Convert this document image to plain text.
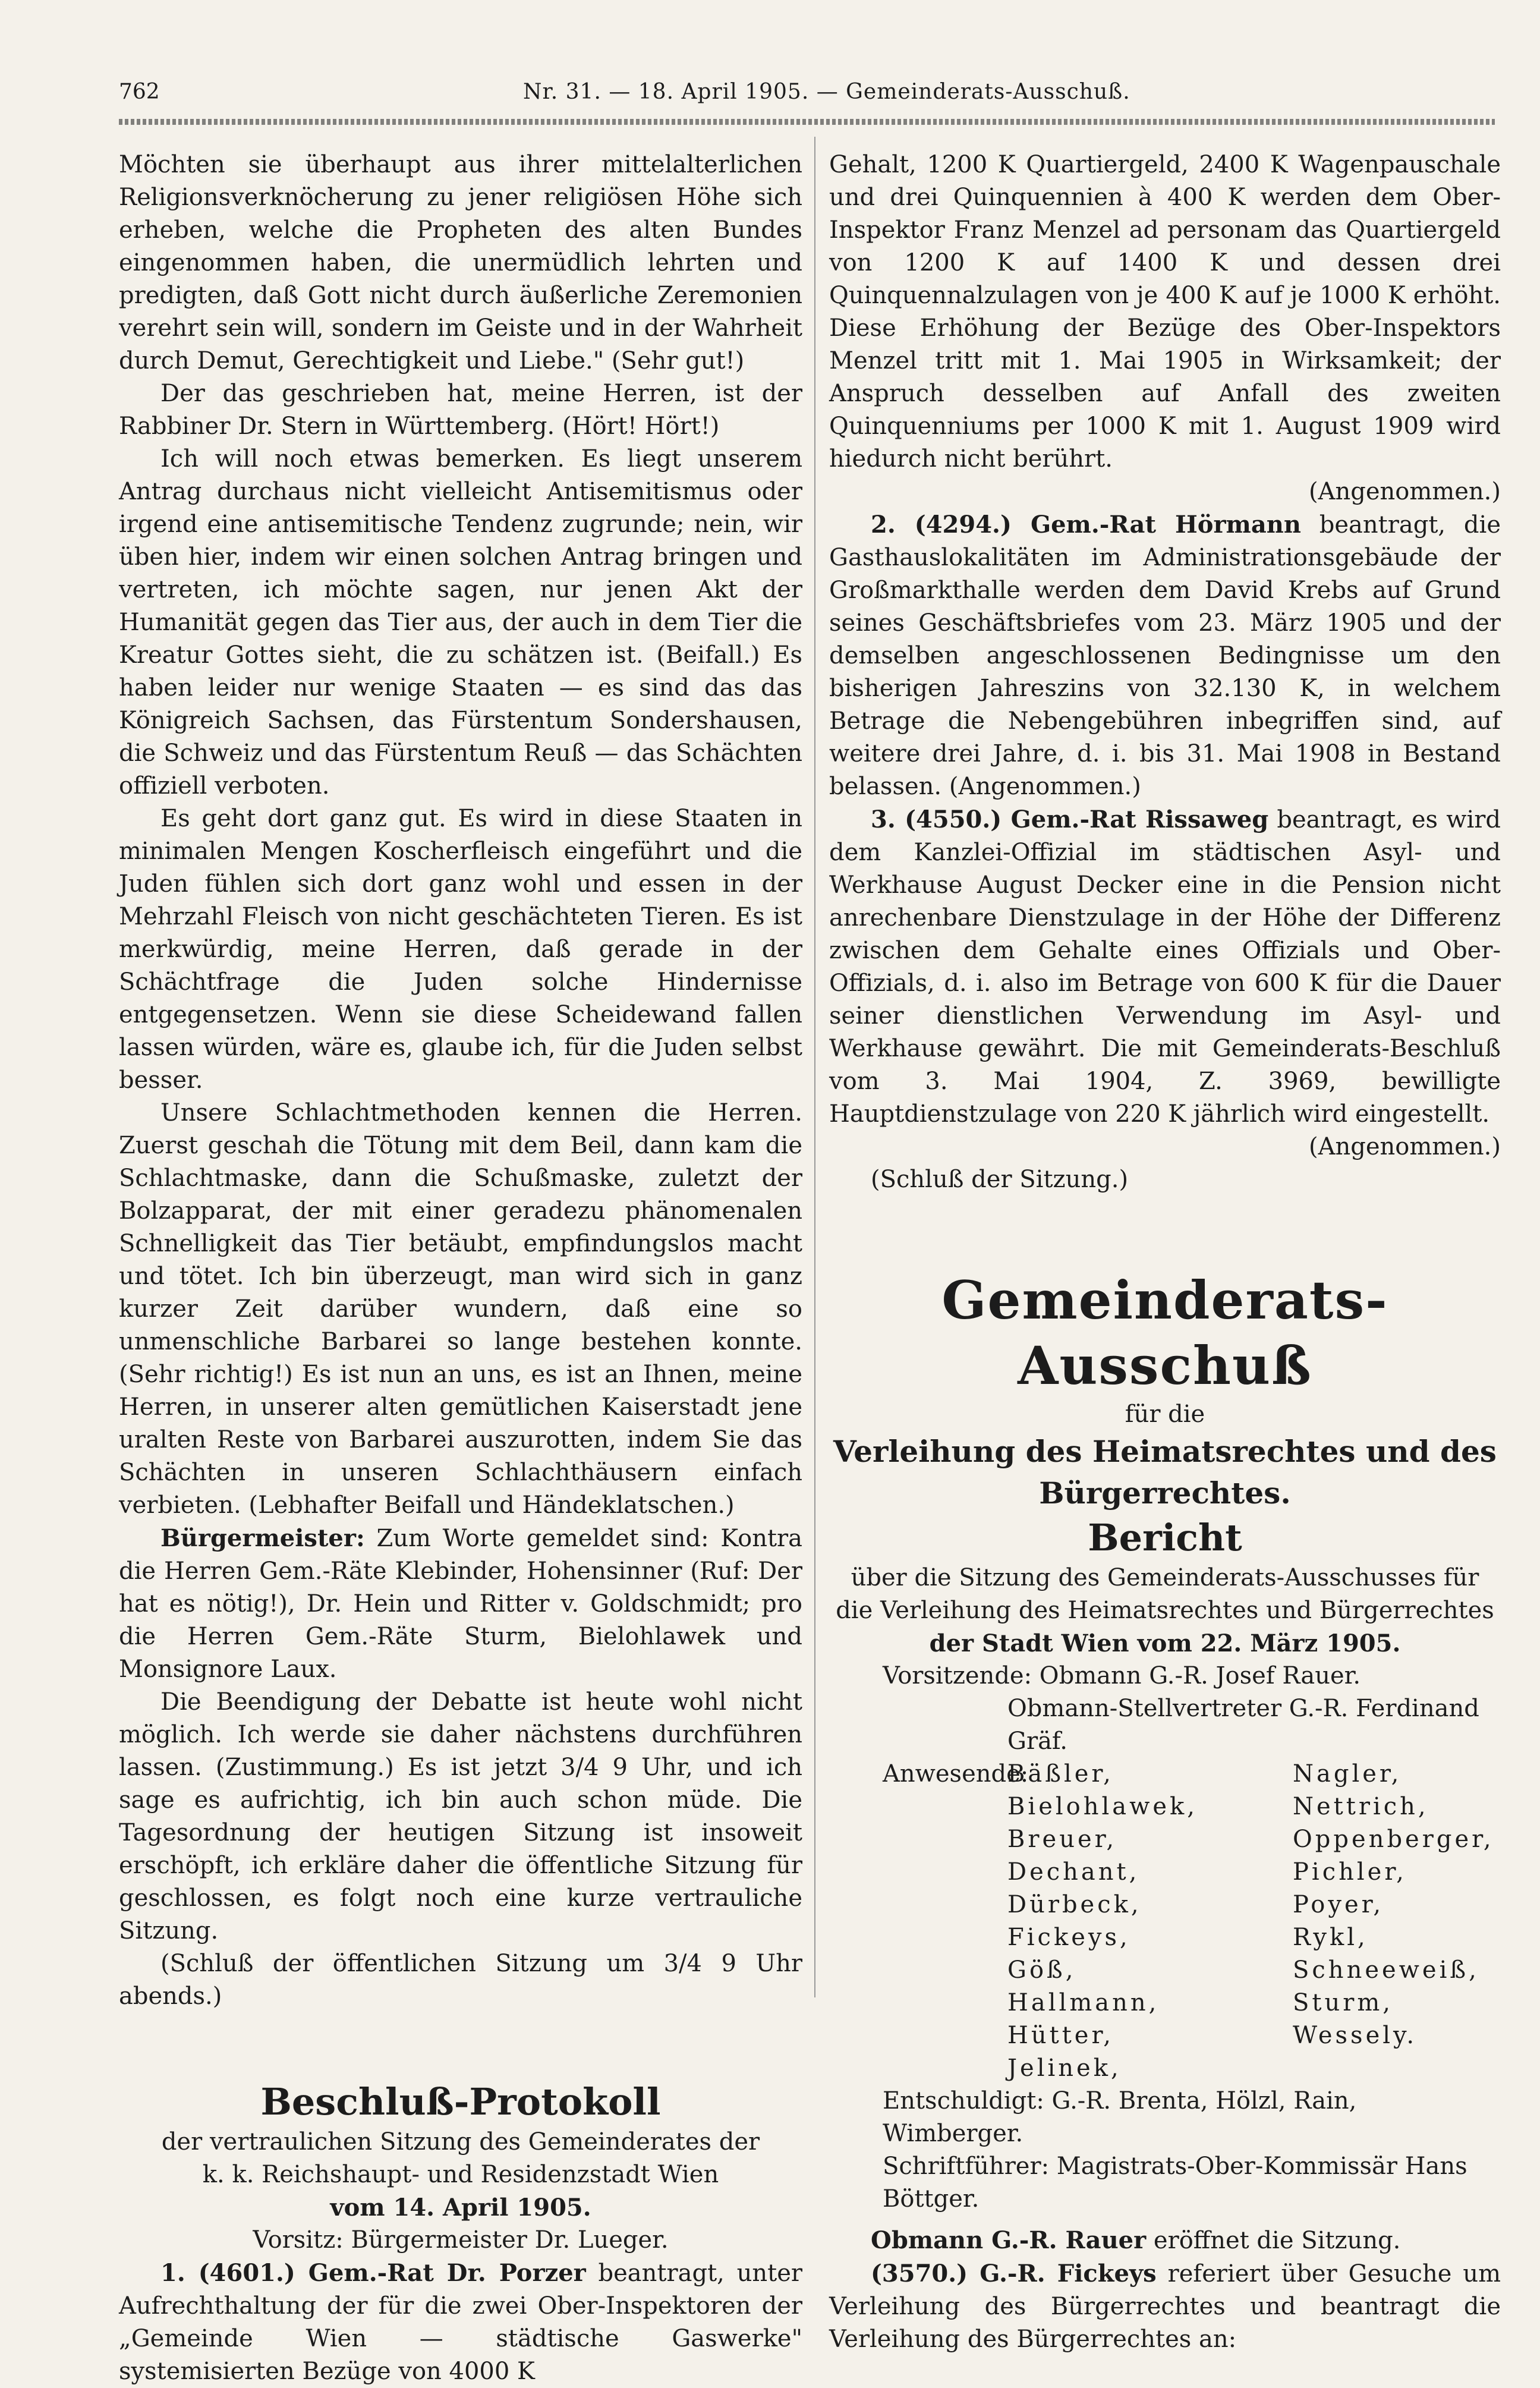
762	Nr. 31. — 18. April 1905. — Gemeinderats-Ausschuß.

Möchten sie überhaupt aus ihrer mittelalterlichen Religionsverknöcherung zu jener religiösen Höhe sich erheben, welche die Propheten des alten Bundes eingenommen haben, die unermüdlich lehrten und predigten, daß Gott nicht durch äußerliche Zeremonien verehrt sein will, sondern im Geiste und in der Wahrheit durch Demut, Gerechtigkeit und Liebe." (Sehr gut!)

Der das geschrieben hat, meine Herren, ist der Rabbiner Dr. Stern in Württemberg. (Hört! Hört!)

Ich will noch etwas bemerken. Es liegt unserem Antrag durchaus nicht vielleicht Antisemitismus oder irgend eine antisemitische Tendenz zugrunde; nein, wir üben hier, indem wir einen solchen Antrag bringen und vertreten, ich möchte sagen, nur jenen Akt der Humanität gegen das Tier aus, der auch in dem Tier die Kreatur Gottes sieht, die zu schätzen ist. (Beifall.) Es haben leider nur wenige Staaten — es sind das das Königreich Sachsen, das Fürstentum Sondershausen, die Schweiz und das Fürstentum Reuß — das Schächten offiziell verboten.

Es geht dort ganz gut. Es wird in diese Staaten in minimalen Mengen Koscherfleisch eingeführt und die Juden fühlen sich dort ganz wohl und essen in der Mehrzahl Fleisch von nicht geschächteten Tieren. Es ist merkwürdig, meine Herren, daß gerade in der Schächtfrage die Juden solche Hindernisse entgegensetzen. Wenn sie diese Scheidewand fallen lassen würden, wäre es, glaube ich, für die Juden selbst besser.

Unsere Schlachtmethoden kennen die Herren. Zuerst geschah die Tötung mit dem Beil, dann kam die Schlachtmaske, dann die Schußmaske, zuletzt der Bolzapparat, der mit einer geradezu phänomenalen Schnelligkeit das Tier betäubt, empfindungslos macht und tötet. Ich bin überzeugt, man wird sich in ganz kurzer Zeit darüber wundern, daß eine so unmenschliche Barbarei so lange bestehen konnte. (Sehr richtig!) Es ist nun an uns, es ist an Ihnen, meine Herren, in unserer alten gemütlichen Kaiserstadt jene uralten Reste von Barbarei auszurotten, indem Sie das Schächten in unseren Schlachthäusern einfach verbieten. (Lebhafter Beifall und Händeklatschen.)

Bürgermeister: Zum Worte gemeldet sind: Kontra die Herren Gem.-Räte Klebinder, Hohensinner (Ruf: Der hat es nötig!), Dr. Hein und Ritter v. Goldschmidt; pro die Herren Gem.-Räte Sturm, Bielohlawek und Monsignore Laux.

Die Beendigung der Debatte ist heute wohl nicht möglich. Ich werde sie daher nächstens durchführen lassen. (Zustimmung.) Es ist jetzt 3/4 9 Uhr, und ich sage es aufrichtig, ich bin auch schon müde. Die Tagesordnung der heutigen Sitzung ist insoweit erschöpft, ich erkläre daher die öffentliche Sitzung für geschlossen, es folgt noch eine kurze vertrauliche Sitzung.

(Schluß der öffentlichen Sitzung um 3/4 9 Uhr abends.)

Beschluß-Protokoll
der vertraulichen Sitzung des Gemeinderates der
k. k. Reichshaupt- und Residenzstadt Wien
vom 14. April 1905.
Vorsitz: Bürgermeister Dr. Lueger.

1. (4601.) Gem.-Rat Dr. Porzer beantragt, unter Aufrechthaltung der für die zwei Ober-Inspektoren der „Gemeinde Wien — städtische Gaswerke" systemisierten Bezüge von 4000 K

Gehalt, 1200 K Quartiergeld, 2400 K Wagenpauschale und drei Quinquennien à 400 K werden dem Ober-Inspektor Franz Menzel ad personam das Quartiergeld von 1200 K auf 1400 K und dessen drei Quinquennalzulagen von je 400 K auf je 1000 K erhöht. Diese Erhöhung der Bezüge des Ober-Inspektors Menzel tritt mit 1. Mai 1905 in Wirksamkeit; der Anspruch desselben auf Anfall des zweiten Quinquenniums per 1000 K mit 1. August 1909 wird hiedurch nicht berührt.

(Angenommen.)

2. (4294.) Gem.-Rat Hörmann beantragt, die Gasthauslokalitäten im Administrationsgebäude der Großmarkthalle werden dem David Krebs auf Grund seines Geschäftsbriefes vom 23. März 1905 und der demselben angeschlossenen Bedingnisse um den bisherigen Jahreszins von 32.130 K, in welchem Betrage die Nebengebühren inbegriffen sind, auf weitere drei Jahre, d. i. bis 31. Mai 1908 in Bestand belassen. (Angenommen.)

3. (4550.) Gem.-Rat Rissaweg beantragt, es wird dem Kanzlei-Offizial im städtischen Asyl- und Werkhause August Decker eine in die Pension nicht anrechenbare Dienstzulage in der Höhe der Differenz zwischen dem Gehalte eines Offizials und Ober-Offizials, d. i. also im Betrage von 600 K für die Dauer seiner dienstlichen Verwendung im Asyl- und Werkhause gewährt. Die mit Gemeinderats-Beschluß vom 3. Mai 1904, Z. 3969, bewilligte Hauptdienstzulage von 220 K jährlich wird eingestellt.

(Angenommen.)

(Schluß der Sitzung.)

Gemeinderats-Ausschuß
für die
Verleihung des Heimatsrechtes und des Bürgerrechtes.
Bericht
über die Sitzung des Gemeinderats-Ausschusses für
die Verleihung des Heimatsrechtes und Bürgerrechtes
der Stadt Wien vom 22. März 1905.
Vorsitzende: Obmann G.-R. Josef Rauer.
Obmann-Stellvertreter G.-R. Ferdinand Gräf.
Anwesende:
Bäßler,
Bielohlawek,
Breuer,
Dechant,
Dürbeck,
Fickeys,
Göß,
Hallmann,
Hütter,
Jelinek,
Nagler,
Nettrich,
Oppenberger,
Pichler,
Poyer,
Rykl,
Schneeweiß,
Sturm,
Wessely.
Entschuldigt: G.-R. Brenta, Hölzl, Rain, Wimberger.
Schriftführer: Magistrats-Ober-Kommissär Hans Böttger.

Obmann G.-R. Rauer eröffnet die Sitzung.

(3570.) G.-R. Fickeys referiert über Gesuche um Verleihung des Bürgerrechtes und beantragt die Verleihung des Bürgerrechtes an:
